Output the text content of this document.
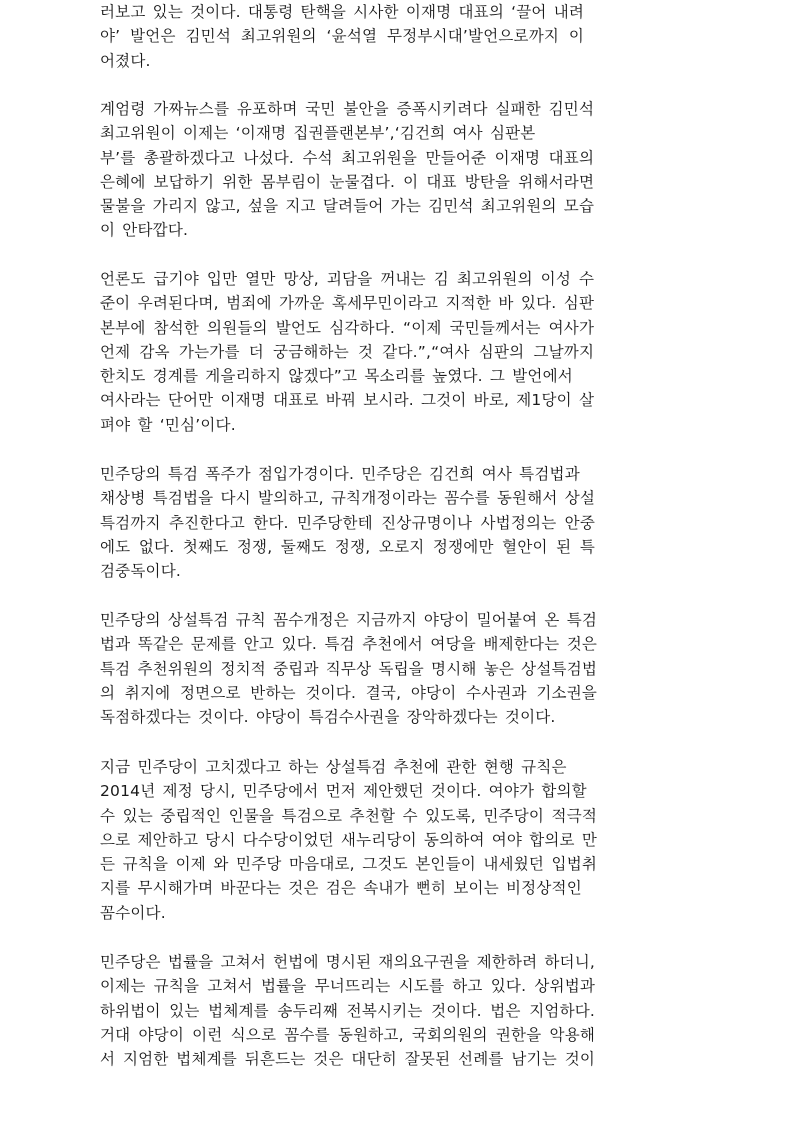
러보고 있는 것이다. 대통령 탄핵을 시사한 이재명 대표의 ‘끌어 내려
야’ 발언은 김민석 최고위원의 ‘윤석열 무정부시대’발언으로까지 이
어졌다.
계엄령 가짜뉴스를 유포하며 국민 불안을 증폭시키려다 실패한 김민석
최고위원이 이제는 ‘이재명 집권플랜본부’,‘김건희 여사 심판본
부’를 총괄하겠다고 나섰다. 수석 최고위원을 만들어준 이재명 대표의
은혜에 보답하기 위한 몸부림이 눈물겹다. 이 대표 방탄을 위해서라면
물불을 가리지 않고, 섶을 지고 달려들어 가는 김민석 최고위원의 모습
이 안타깝다.
언론도 급기야 입만 열만 망상, 괴담을 꺼내는 김 최고위원의 이성 수
준이 우려된다며, 범죄에 가까운 혹세무민이라고 지적한 바 있다. 심판
본부에 참석한 의원들의 발언도 심각하다. “이제 국민들께서는 여사가
언제 감옥 가는가를 더 궁금해하는 것 같다.”,“여사 심판의 그날까지
한치도 경계를 게을리하지 않겠다”고 목소리를 높였다. 그 발언에서
여사라는 단어만 이재명 대표로 바꿔 보시라. 그것이 바로, 제1당이 살
펴야 할 ‘민심’이다.
민주당의 특검 폭주가 점입가경이다. 민주당은 김건희 여사 특검법과
채상병 특검법을 다시 발의하고, 규칙개정이라는 꼼수를 동원해서 상설
특검까지 추진한다고 한다. 민주당한테 진상규명이나 사법정의는 안중
에도 없다. 첫째도 정쟁, 둘째도 정쟁, 오로지 정쟁에만 혈안이 된 특
검중독이다.
민주당의 상설특검 규칙 꼼수개정은 지금까지 야당이 밀어붙여 온 특검
법과 똑같은 문제를 안고 있다. 특검 추천에서 여당을 배제한다는 것은
특검 추천위원의 정치적 중립과 직무상 독립을 명시해 놓은 상설특검법
의 취지에 정면으로 반하는 것이다. 결국, 야당이 수사권과 기소권을
독점하겠다는 것이다. 야당이 특검수사권을 장악하겠다는 것이다.
지금 민주당이 고치겠다고 하는 상설특검 추천에 관한 현행 규칙은
2014년 제정 당시, 민주당에서 먼저 제안했던 것이다. 여야가 합의할
수 있는 중립적인 인물을 특검으로 추천할 수 있도록, 민주당이 적극적
으로 제안하고 당시 다수당이었던 새누리당이 동의하여 여야 합의로 만
든 규칙을 이제 와 민주당 마음대로, 그것도 본인들이 내세웠던 입법취
지를 무시해가며 바꾼다는 것은 검은 속내가 뻔히 보이는 비정상적인
꼼수이다.
민주당은 법률을 고쳐서 헌법에 명시된 재의요구권을 제한하려 하더니,
이제는 규칙을 고쳐서 법률을 무너뜨리는 시도를 하고 있다. 상위법과
하위법이 있는 법체계를 송두리째 전복시키는 것이다. 법은 지엄하다.
거대 야당이 이런 식으로 꼼수를 동원하고, 국회의원의 권한을 악용해
서 지엄한 법체계를 뒤흔드는 것은 대단히 잘못된 선례를 남기는 것이
